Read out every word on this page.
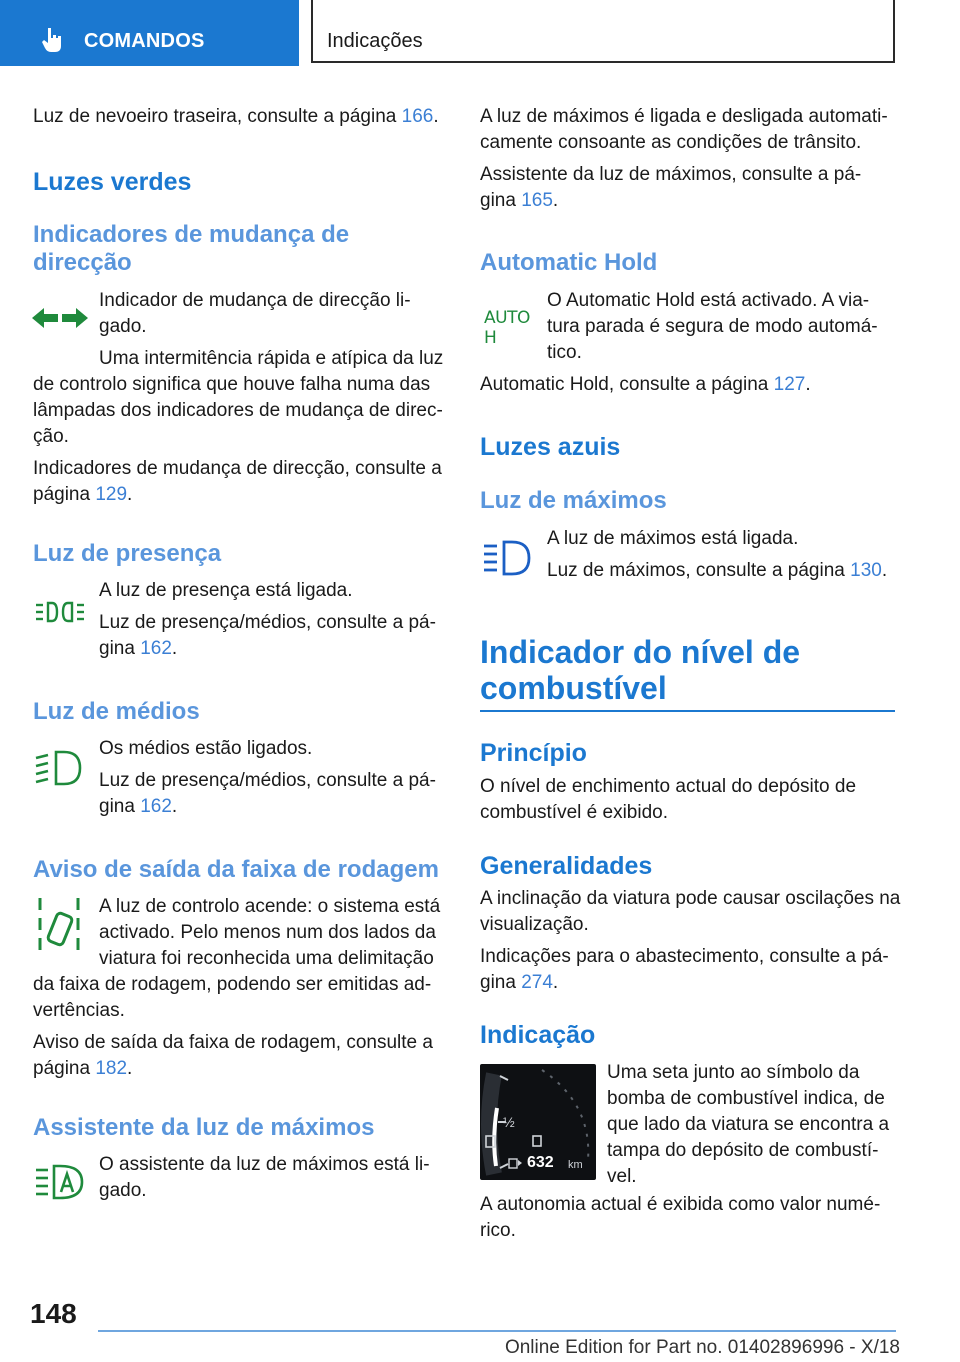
COMANDOS	Indicações

Luz de nevoeiro traseira, consulte a página 166.

Luzes verdes
Indicadores de mudança de
direcção

Indicador de mudança de direcção li-

gado.

Uma intermitência rápida e atípica da luz

de controlo significa que houve falha numa das

lâmpadas dos indicadores de mudança de direc-

ção.

Indicadores de mudança de direcção, consulte a

página 129.

Luz de presença

A luz de presença está ligada.

Luz de presença/médios, consulte a pá-

gina 162.

Luz de médios

Os médios estão ligados.

Luz de presença/médios, consulte a pá-

gina 162.

Aviso de saída da faixa de rodagem

A luz de controlo acende: o sistema está

activado. Pelo menos num dos lados da

viatura foi reconhecida uma delimitação

da faixa de rodagem, podendo ser emitidas ad-

vertências.

Aviso de saída da faixa de rodagem, consulte a

página 182.

Assistente da luz de máximos

O assistente da luz de máximos está li-

gado.

A luz de máximos é ligada e desligada automati-

camente consoante as condições de trânsito.

Assistente da luz de máximos, consulte a pá-

gina 165.

Automatic Hold
AUTO H

O Automatic Hold está activado. A via-

tura parada é segura de modo automá-

tico.

Automatic Hold, consulte a página 127.

Luzes azuis
Luz de máximos

A luz de máximos está ligada.

Luz de máximos, consulte a página 130.

Indicador do nível de
combustível
Princípio

O nível de enchimento actual do depósito de

combustível é exibido.

Generalidades

A inclinação da viatura pode causar oscilações na

visualização.

Indicações para o abastecimento, consulte a pá-

gina 274.

Indicação
½
632 km

Uma seta junto ao símbolo da

bomba de combustível indica, de

que lado da viatura se encontra a

tampa do depósito de combustí-

vel.

A autonomia actual é exibida como valor numé-

rico.

148
Online Edition for Part no. 01402896996 - X/18
